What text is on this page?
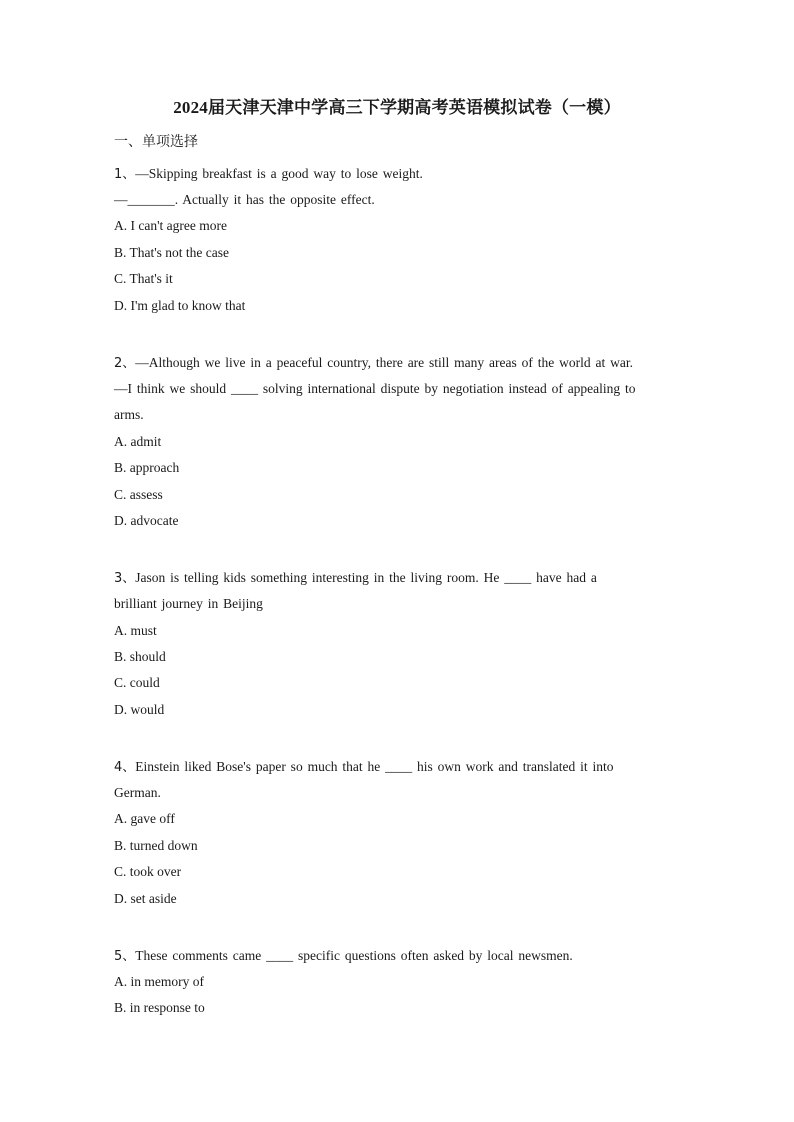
2024届天津天津中学高三下学期高考英语模拟试卷（一模）
一、单项选择
1、—Skipping breakfast is a good way to lose weight.
—_______. Actually it has the opposite effect.
A. I can't agree more
B. That's not the case
C. That's it
D. I'm glad to know that
2、—Although we live in a peaceful country, there are still many areas of the world at war.
—I think we should ____ solving international dispute by negotiation instead of appealing to
arms.
A. admit
B. approach
C. assess
D. advocate
3、Jason is telling kids something interesting in the living room. He ____ have had a
brilliant journey in Beijing
A. must
B. should
C. could
D. would
4、Einstein liked Bose's paper so much that he ____ his own work and translated it into
German.
A. gave off
B. turned down
C. took over
D. set aside
5、These comments came ____ specific questions often asked by local newsmen.
A. in memory of
B. in response to
